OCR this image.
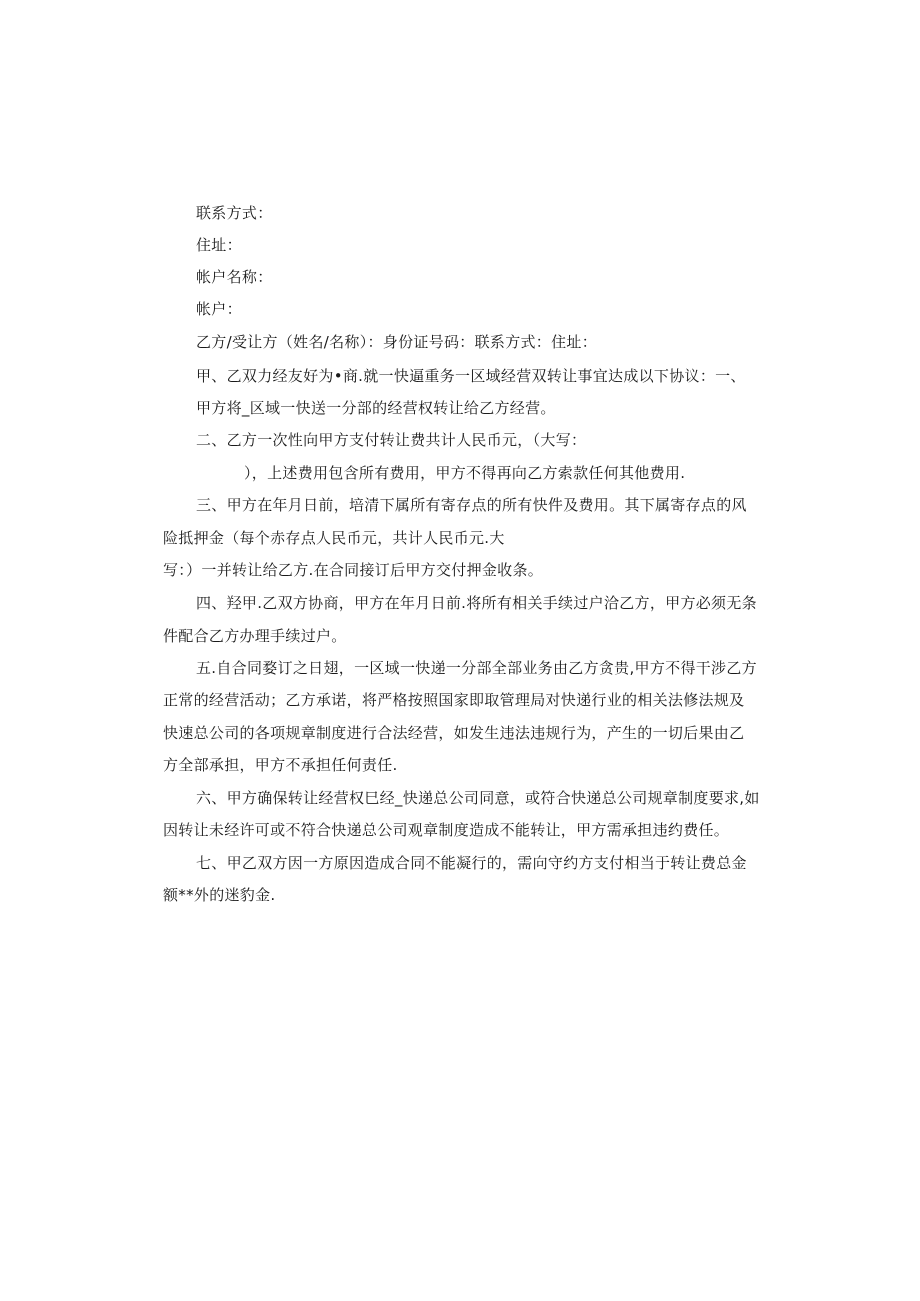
联系方式：
住址：
帐户名称：
帐户：
乙方/受让方（姓名/名称）：身份证号码：联系方式：住址：
甲、乙双力经友好为•商.就一快逼重务一区域经营双转让事宜达成以下协议：一、
甲方将_区域一快送一分部的经营权转让给乙方经营。
二、乙方一次性向甲方支付转让费共计人民币元，（大写：
），上述费用包含所有费用，甲方不得再向乙方索款任何其他费用.
三、甲方在年月日前，培清下属所有寄存点的所有快件及费用。其下属寄存点的风
险抵押金（每个赤存点人民币元，共计人民币元.大
写：）一并转让给乙方.在合同接订后甲方交付押金收条。
四、羟甲.乙双方协商，甲方在年月日前.将所有相关手续过户洽乙方，甲方必须无条
件配合乙方办理手续过户。
五.自合同婺订之日翅，一区域一快递一分部全部业务由乙方贪贵,甲方不得干涉乙方
正常的经营活动；乙方承诺，将严格按照国家即取管理局对快递行业的相关法修法规及
快速总公司的各项规章制度进行合法经营，如发生违法违规行为，产生的一切后果由乙
方全部承担，甲方不承担任何责任.
六、甲方确保转让经营权巳经_快递总公司同意，或符合快递总公司规章制度要求,如
因转让未经许可或不符合快递总公司观章制度造成不能转让，甲方需承担违约费任。
七、甲乙双方因一方原因造成合同不能凝行的，需向守约方支付相当于转让费总金
额**外的迷豹金.
